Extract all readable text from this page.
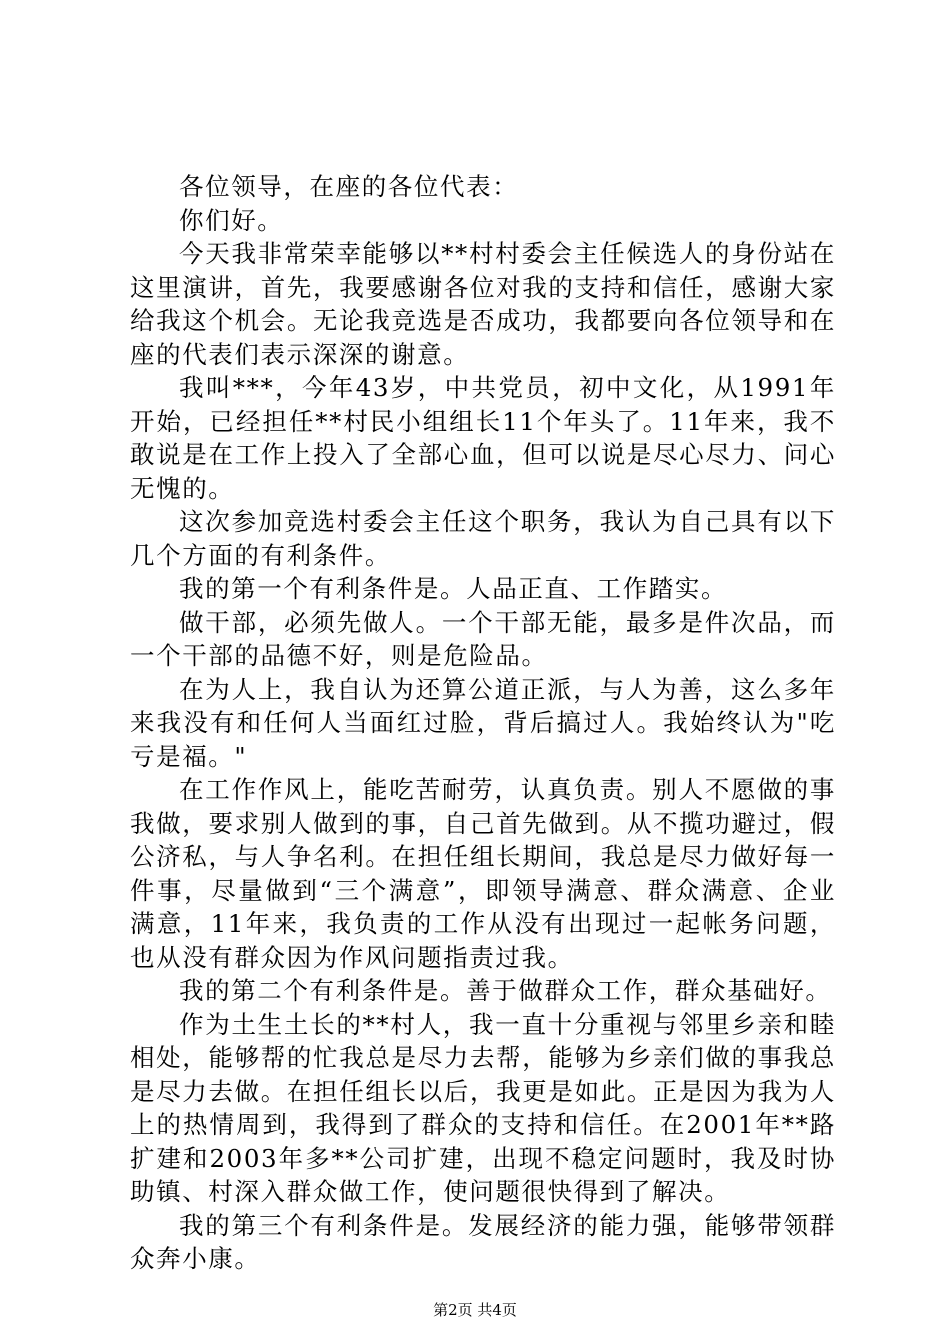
各位领导，在座的各位代表：

你们好。

今天我非常荣幸能够以**村村委会主任候选人的身份站在这里演讲，首先，我要感谢各位对我的支持和信任，感谢大家给我这个机会。无论我竞选是否成功，我都要向各位领导和在座的代表们表示深深的谢意。

我叫***，今年43岁，中共党员，初中文化，从1991年开始，已经担任**村民小组组长11个年头了。11年来，我不敢说是在工作上投入了全部心血，但可以说是尽心尽力、问心无愧的。

这次参加竞选村委会主任这个职务，我认为自己具有以下几个方面的有利条件。

我的第一个有利条件是。人品正直、工作踏实。

做干部，必须先做人。一个干部无能，最多是件次品，而一个干部的品德不好，则是危险品。

在为人上，我自认为还算公道正派，与人为善，这么多年来我没有和任何人当面红过脸，背后搞过人。我始终认为"吃亏是福。"

在工作作风上，能吃苦耐劳，认真负责。别人不愿做的事我做，要求别人做到的事，自己首先做到。从不揽功避过，假公济私，与人争名利。在担任组长期间，我总是尽力做好每一件事，尽量做到“三个满意”，即领导满意、群众满意、企业满意，11年来，我负责的工作从没有出现过一起帐务问题，也从没有群众因为作风问题指责过我。

我的第二个有利条件是。善于做群众工作，群众基础好。

作为土生土长的**村人，我一直十分重视与邻里乡亲和睦相处，能够帮的忙我总是尽力去帮，能够为乡亲们做的事我总是尽力去做。在担任组长以后，我更是如此。正是因为我为人上的热情周到，我得到了群众的支持和信任。在2001年**路扩建和2003年多**公司扩建，出现不稳定问题时，我及时协助镇、村深入群众做工作，使问题很快得到了解决。

我的第三个有利条件是。发展经济的能力强，能够带领群众奔小康。

第2页 共4页
